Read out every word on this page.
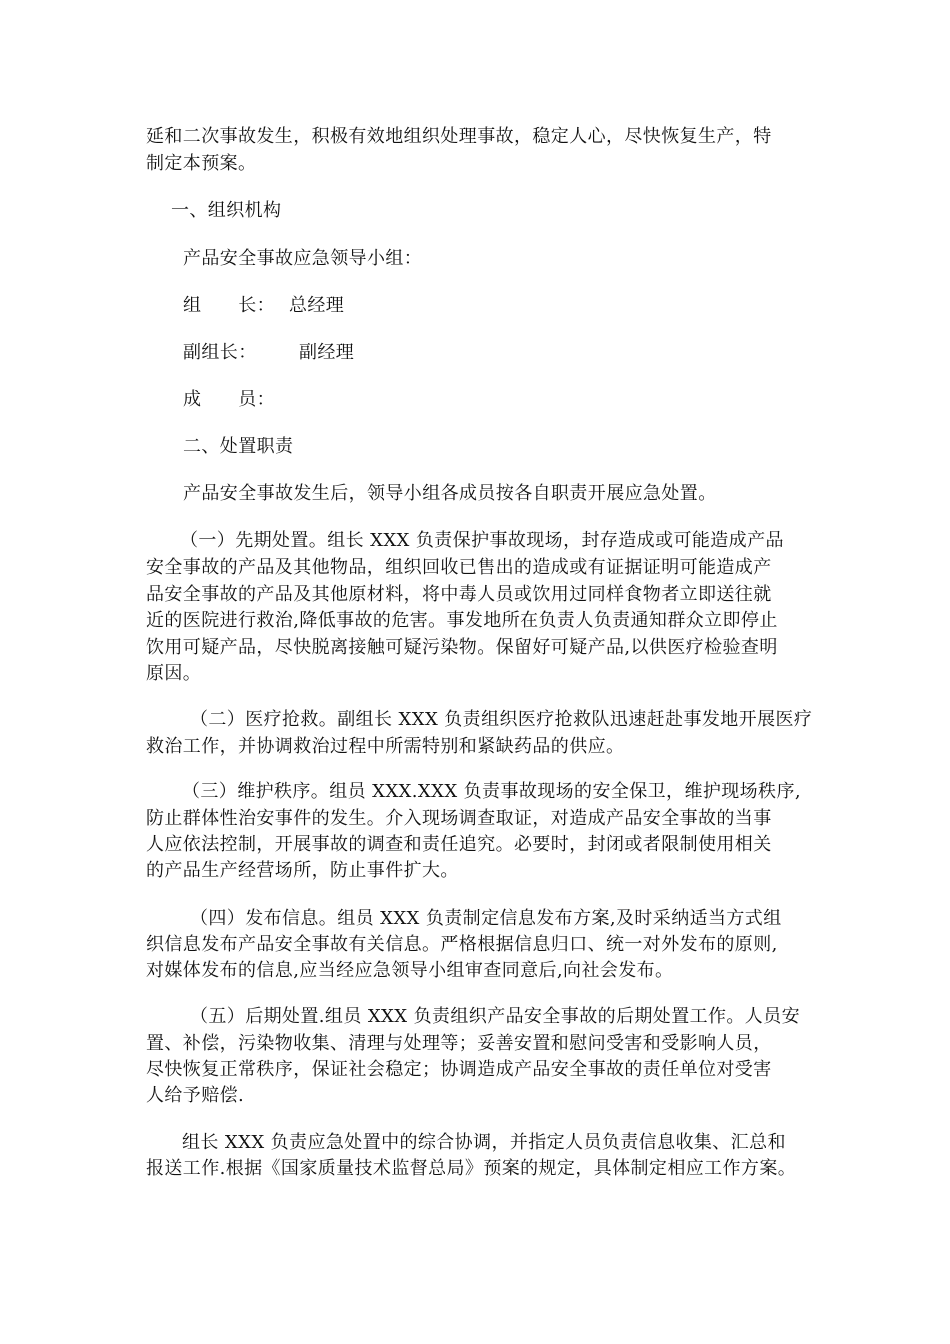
延和二次事故发生，积极有效地组织处理事故，稳定人心，尽快恢复生产，特
制定本预案。
一、组织机构
产品安全事故应急领导小组：
组　　长： 总经理
副组长： 副经理
成　　员：
二、处置职责
产品安全事故发生后，领导小组各成员按各自职责开展应急处置。
（一）先期处置。组长 XXX 负责保护事故现场，封存造成或可能造成产品
安全事故的产品及其他物品，组织回收已售出的造成或有证据证明可能造成产
品安全事故的产品及其他原材料，将中毒人员或饮用过同样食物者立即送往就
近的医院进行救治,降低事故的危害。事发地所在负责人负责通知群众立即停止
饮用可疑产品，尽快脱离接触可疑污染物。保留好可疑产品,以供医疗检验查明
原因。
（二）医疗抢救。副组长 XXX 负责组织医疗抢救队迅速赶赴事发地开展医疗
救治工作，并协调救治过程中所需特别和紧缺药品的供应。
（三）维护秩序。组员 XXX.XXX 负责事故现场的安全保卫，维护现场秩序,
防止群体性治安事件的发生。介入现场调查取证，对造成产品安全事故的当事
人应依法控制，开展事故的调查和责任追究。必要时，封闭或者限制使用相关
的产品生产经营场所，防止事件扩大。
（四）发布信息。组员 XXX 负责制定信息发布方案,及时采纳适当方式组
织信息发布产品安全事故有关信息。严格根据信息归口、统一对外发布的原则,
对媒体发布的信息,应当经应急领导小组审查同意后,向社会发布。
（五）后期处置.组员 XXX 负责组织产品安全事故的后期处置工作。人员安
置、补偿，污染物收集、清理与处理等；妥善安置和慰问受害和受影响人员，
尽快恢复正常秩序，保证社会稳定；协调造成产品安全事故的责任单位对受害
人给予赔偿.
组长 XXX 负责应急处置中的综合协调，并指定人员负责信息收集、汇总和
报送工作.根据《国家质量技术监督总局》预案的规定，具体制定相应工作方案。
